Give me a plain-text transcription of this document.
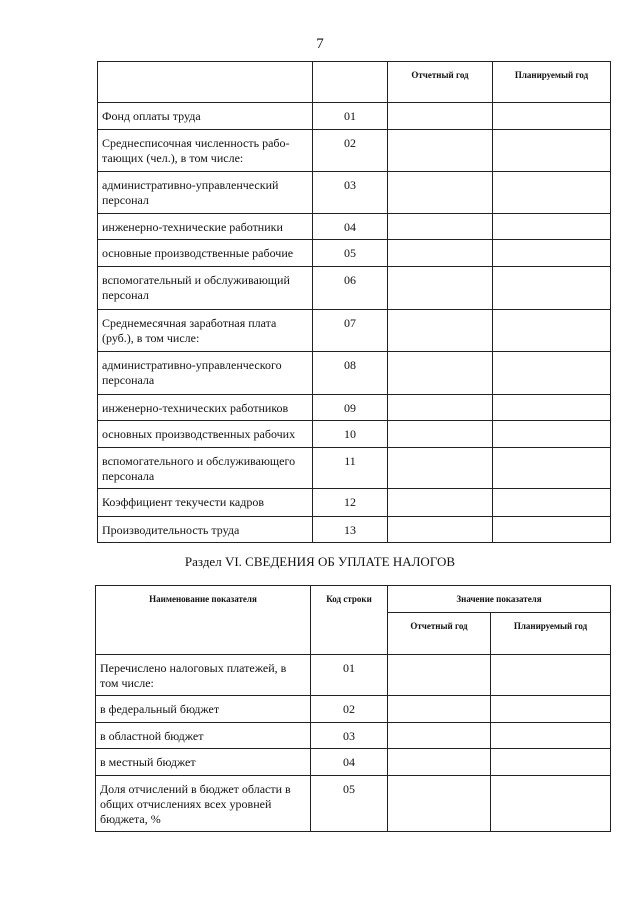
7
		Отчетный год	Планируемый год
Фонд оплаты труда	01		
Среднесписочная численность рабо-тающих (чел.), в том числе:	02		
административно-управленческий персонал	03		
инженерно-технические работники	04		
основные производственные рабочие	05		
вспомогательный и обслуживающий персонал	06		
Среднемесячная заработная плата (руб.), в том числе:	07		
административно-управленческого персонала	08		
инженерно-технических работников	09		
основных производственных рабочих	10		
вспомогательного и обслуживающего персонала	11		
Коэффициент текучести кадров	12		
Производительность труда	13		
Раздел VI. СВЕДЕНИЯ ОБ УПЛАТЕ НАЛОГОВ
Наименование показателя	Код строки	Значение показателя	
		Отчетный год	Планируемый год
Перечислено налоговых платежей, в том числе:	01		
в федеральный бюджет	02		
в областной бюджет	03		
в местный бюджет	04		
Доля отчислений в бюджет области в общих отчислениях всех уровней бюджета, %	05		
